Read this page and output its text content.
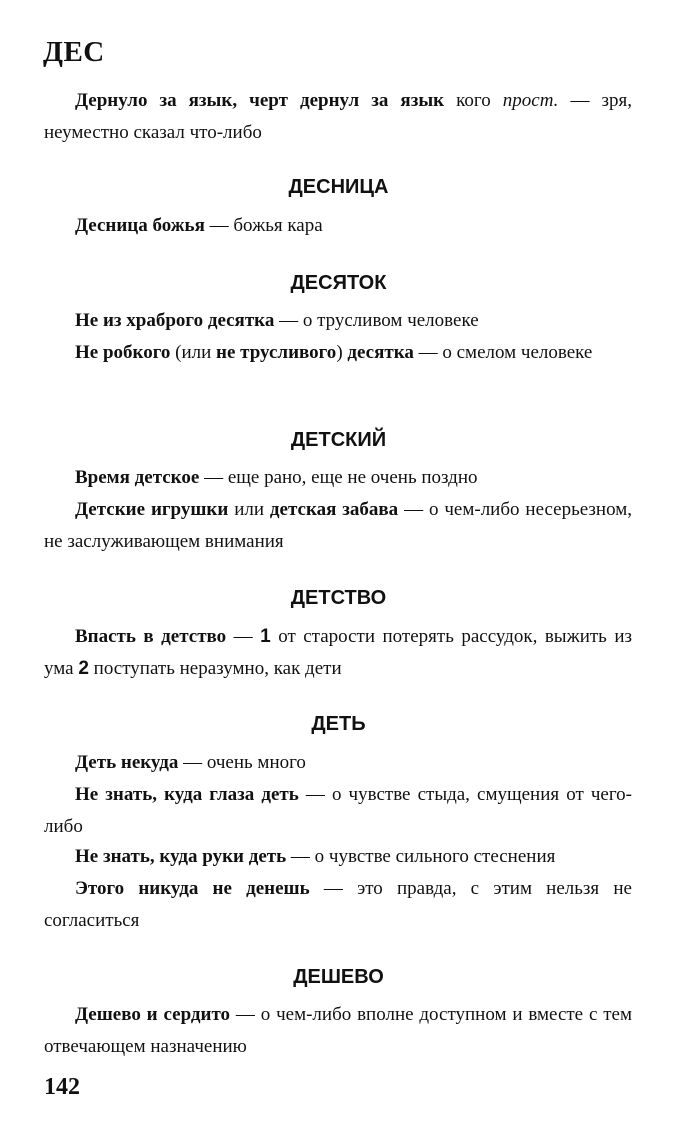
ДЕС

Дернуло за язык, черт дернул за язык кого прост. — зря, неуместно сказал что-либо

ДЕСНИЦА

Десница божья — божья кара

ДЕСЯТОК

Не из храброго десятка — о трусливом человеке

Не робкого (или не трусливого) десятка — о смелом человеке

ДЕТСКИЙ

Время детское — еще рано, еще не очень поздно

Детские игрушки или детская забава — о чем-либо несерьезном, не заслуживающем внимания

ДЕТСТВО

Впасть в детство — 1 от старости потерять рассудок, выжить из ума 2 поступать неразумно, как дети

ДЕТЬ

Деть некуда — очень много

Не знать, куда глаза деть — о чувстве стыда, смущения от чего-либо

Не знать, куда руки деть — о чувстве сильного стеснения

Этого никуда не денешь — это правда, с этим нельзя не согласиться

ДЕШЕВО

Дешево и сердито — о чем-либо вполне доступном и вместе с тем отвечающем назначению

142
